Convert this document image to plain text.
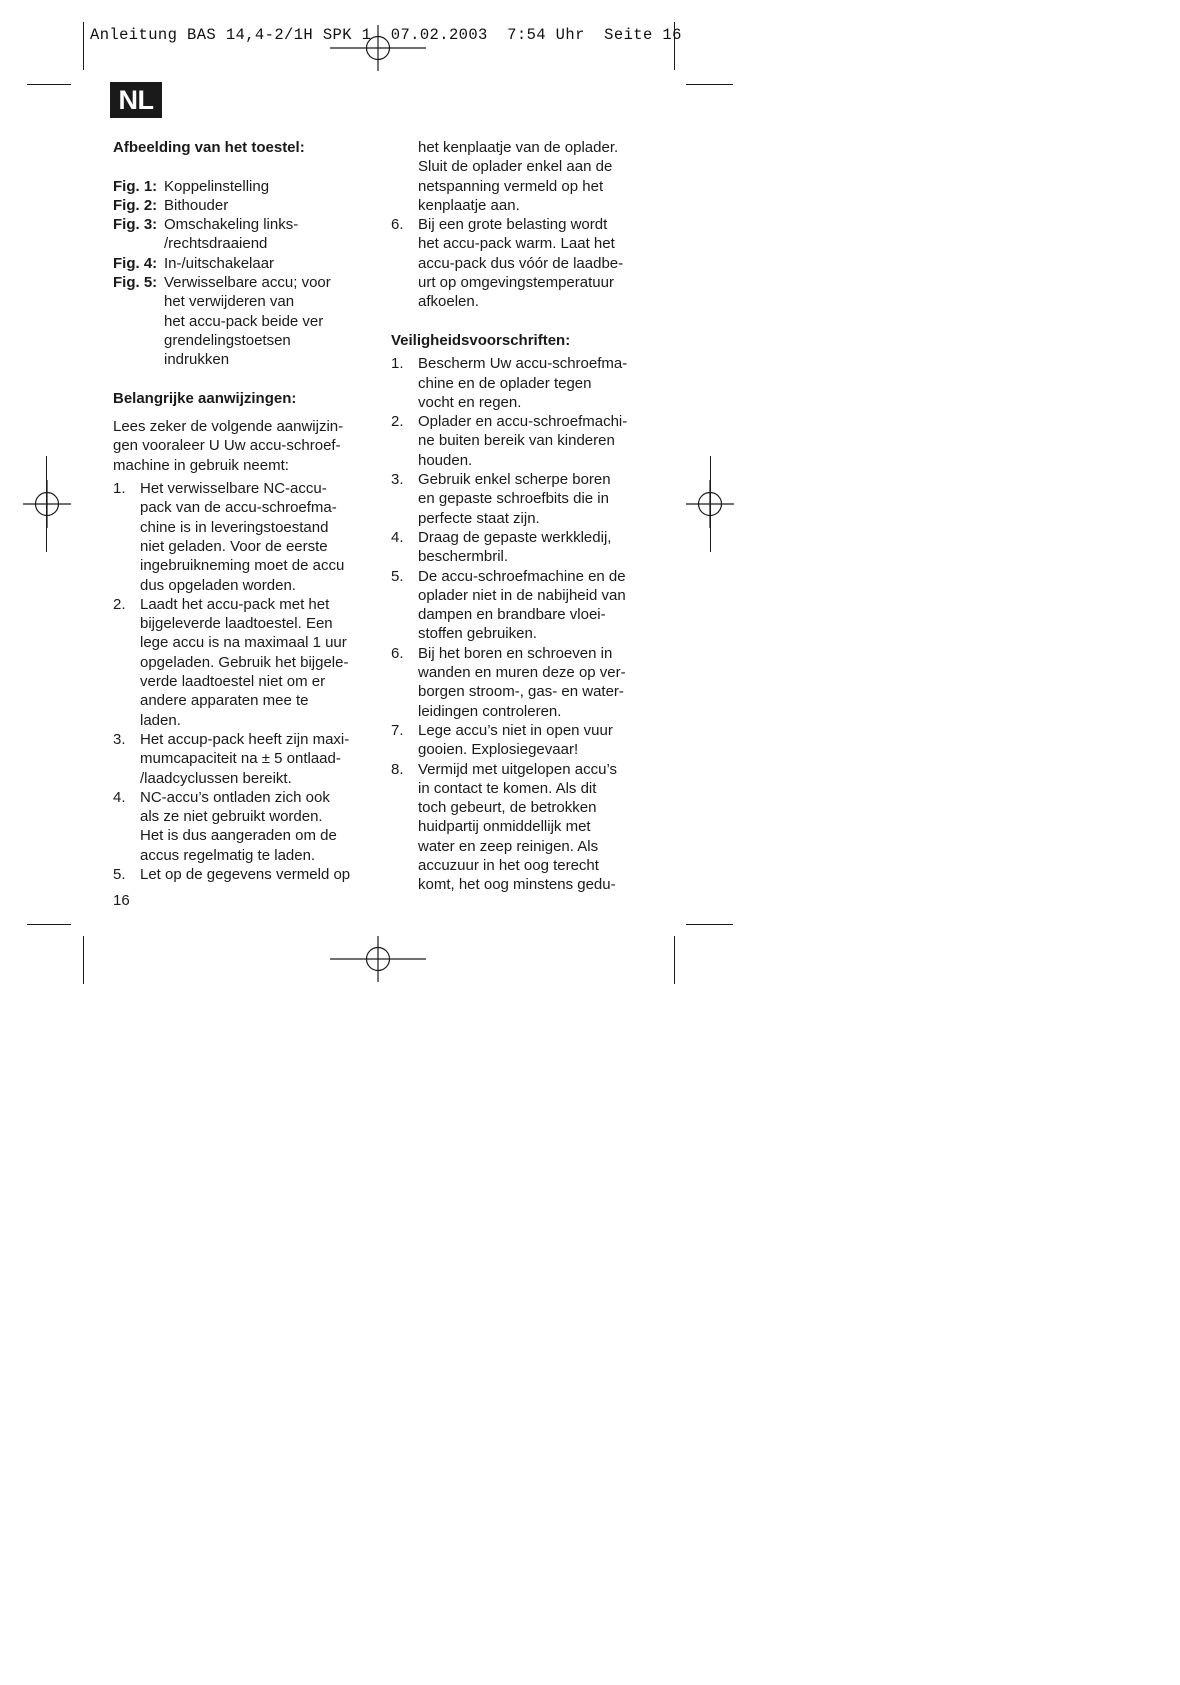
Anleitung BAS 14,4-2/1H SPK 1  07.02.2003  7:54 Uhr  Seite 16
NL
Afbeelding van het toestel:
Fig. 1: Koppelinstelling
Fig. 2: Bithouder
Fig. 3: Omschakeling links-
/rechtsdraaiend
Fig. 4: In-/uitschakelaar
Fig. 5: Verwisselbare accu; voor
het verwijderen van
het accu-pack beide ver
grendelingstoetsen
indrukken
Belangrijke aanwijzingen:

Lees zeker de volgende aanwijzin-
gen vooraleer U Uw accu-schroef-
machine in gebruik neemt:

1. Het verwisselbare NC-accu-
pack van de accu-schroefma-
chine is in leveringstoestand
niet geladen. Voor de eerste
ingebruikneming moet de accu
dus opgeladen worden.
2. Laadt het accu-pack met het
bijgeleverde laadtoestel. Een
lege accu is na maximaal 1 uur
opgeladen. Gebruik het bijgele-
verde laadtoestel niet om er
andere apparaten mee te
laden.
3. Het accup-pack heeft zijn maxi-
mumcapaciteit na ± 5 ontlaad-
/laadcyclussen bereikt.
4. NC-accu’s ontladen zich ook
als ze niet gebruikt worden.
Het is dus aangeraden om de
accus regelmatig te laden.
5. Let op de gegevens vermeld op
16

het kenplaatje van de oplader.
Sluit de oplader enkel aan de
netspanning vermeld op het
kenplaatje aan.

6. Bij een grote belasting wordt
het accu-pack warm. Laat het
accu-pack dus vóór de laadbe-
urt op omgevingstemperatuur
afkoelen.
Veiligheidsvoorschriften:
1. Bescherm Uw accu-schroefma-
chine en de oplader tegen
vocht en regen.
2. Oplader en accu-schroefmachi-
ne buiten bereik van kinderen
houden.
3. Gebruik enkel scherpe boren
en gepaste schroefbits die in
perfecte staat zijn.
4. Draag de gepaste werkkledij,
beschermbril.
5. De accu-schroefmachine en de
oplader niet in de nabijheid van
dampen en brandbare vloei-
stoffen gebruiken.
6. Bij het boren en schroeven in
wanden en muren deze op ver-
borgen stroom-, gas- en water-
leidingen controleren.
7. Lege accu’s niet in open vuur
gooien. Explosiegevaar!
8. Vermijd met uitgelopen accu’s
in contact te komen. Als dit
toch gebeurt, de betrokken
huidpartij onmiddellijk met
water en zeep reinigen. Als
accuzuur in het oog terecht
komt, het oog minstens gedu-
